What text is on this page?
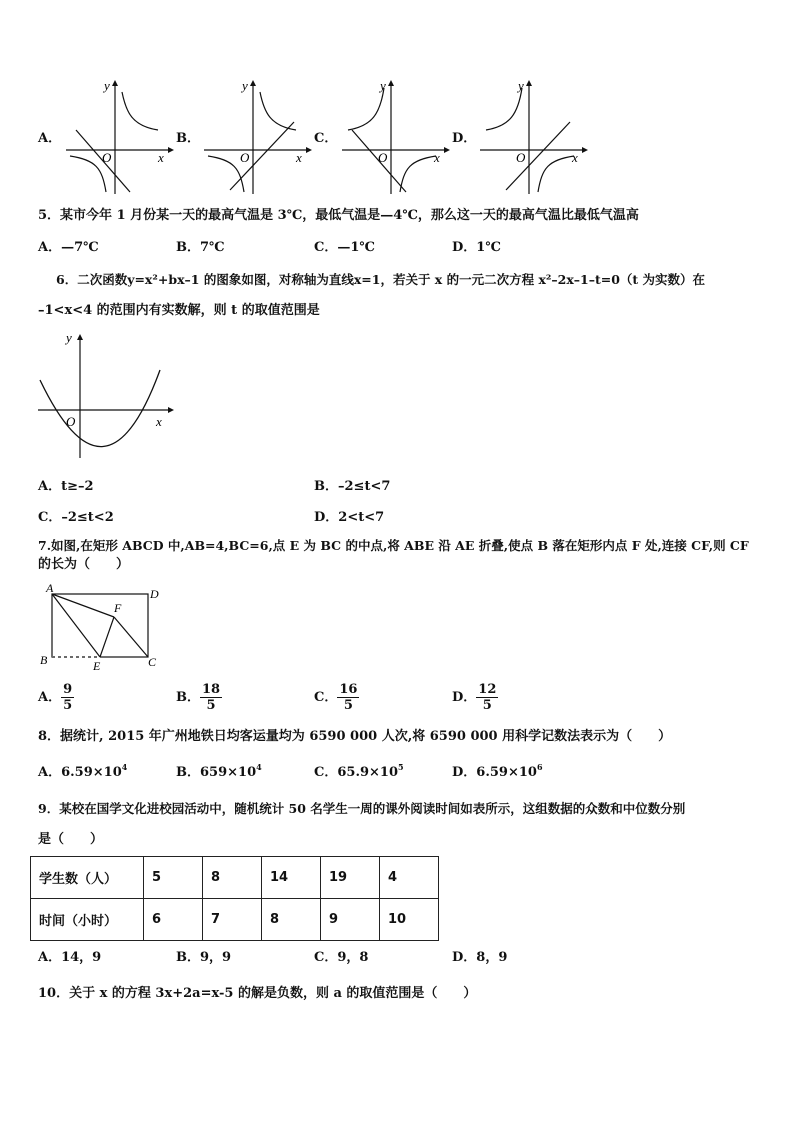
A．
y
x
O
B．
y
x
O
C．
y
x
O
D．
y
x
O
5．某市今年 1 月份某一天的最高气温是 3℃，最低气温是—4℃，那么这一天的最高气温比最低气温高
A．—7℃	B．7℃	C．—1℃	D．1℃
6．二次函数y=x²+bx–1 的图象如图，对称轴为直线x=1，若关于 x 的一元二次方程 x²–2x–1–t=0（t 为实数）在
–1<x<4 的范围内有实数解，则 t 的取值范围是
y
x
O
A．t≥–2	B．–2≤t<7
C．–2≤t<2	D．2<t<7
7.如图,在矩形 ABCD 中,AB=4,BC=6,点 E 为 BC 的中点,将 ABE 沿 AE 折叠,使点 B 落在矩形内点 F 处,连接 CF,则 CF
的长为（　　）
A	D
B	E	C
F
A． $\frac{9}{5}$	B． $\frac{18}{5}$	C． $\frac{16}{5}$	D． $\frac{12}{5}$
8．据统计, 2015 年广州地铁日均客运量均为 6590 000 人次,将 6590 000 用科学记数法表示为（　　）
A．$6.59\times 10^4$	B．$659\times 10^4$	C．$65.9\times 10^5$	D．$6.59\times 10^6$
9．某校在国学文化进校园活动中，随机统计 50 名学生一周的课外阅读时间如表所示，这组数据的众数和中位数分别
是（　　）
学生数（人）	5	8	14	19	4
时间（小时）	6	7	8	9	10
A．14，9	B．9，9	C．9，8	D．8，9
10．关于 x 的方程 3x+2a=x-5 的解是负数，则 a 的取值范围是（　　）
